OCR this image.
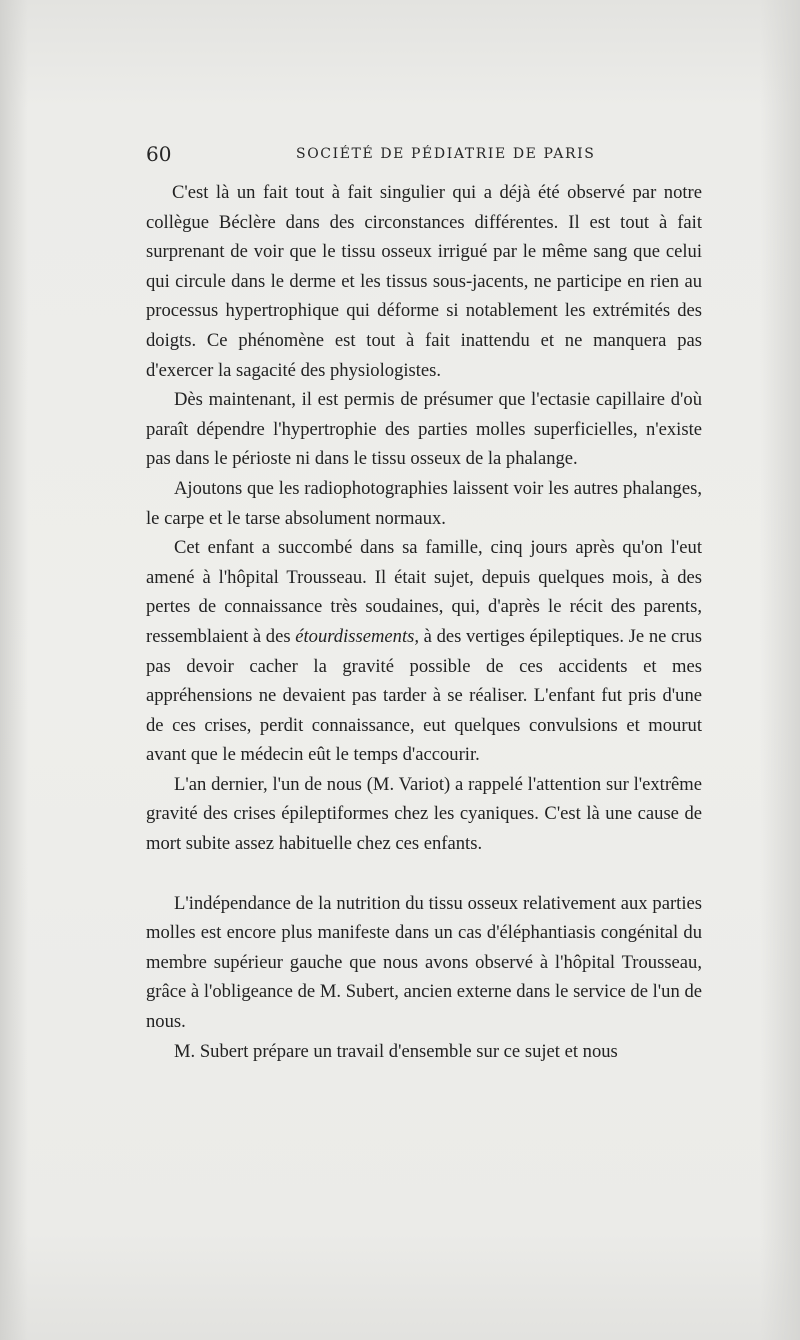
60	SOCIÉTÉ DE PÉDIATRIE DE PARIS

C'est là un fait tout à fait singulier qui a déjà été observé par notre collègue Béclère dans des circonstances différentes. Il est tout à fait surprenant de voir que le tissu osseux irrigué par le même sang que celui qui circule dans le derme et les tissus sous-jacents, ne participe en rien au processus hypertrophique qui déforme si notablement les extrémités des doigts. Ce phénomène est tout à fait inattendu et ne manquera pas d'exercer la sagacité des physiologistes.

Dès maintenant, il est permis de présumer que l'ectasie capillaire d'où paraît dépendre l'hypertrophie des parties molles superficielles, n'existe pas dans le périoste ni dans le tissu osseux de la phalange.

Ajoutons que les radiophotographies laissent voir les autres phalanges, le carpe et le tarse absolument normaux.

Cet enfant a succombé dans sa famille, cinq jours après qu'on l'eut amené à l'hôpital Trousseau. Il était sujet, depuis quelques mois, à des pertes de connaissance très soudaines, qui, d'après le récit des parents, ressemblaient à des étourdissements, à des vertiges épileptiques. Je ne crus pas devoir cacher la gravité possible de ces accidents et mes appréhensions ne devaient pas tarder à se réaliser. L'enfant fut pris d'une de ces crises, perdit connaissance, eut quelques convulsions et mourut avant que le médecin eût le temps d'accourir.

L'an dernier, l'un de nous (M. Variot) a rappelé l'attention sur l'extrême gravité des crises épileptiformes chez les cyaniques. C'est là une cause de mort subite assez habituelle chez ces enfants.

L'indépendance de la nutrition du tissu osseux relativement aux parties molles est encore plus manifeste dans un cas d'éléphantiasis congénital du membre supérieur gauche que nous avons observé à l'hôpital Trousseau, grâce à l'obligeance de M. Subert, ancien externe dans le service de l'un de nous.

M. Subert prépare un travail d'ensemble sur ce sujet et nous
